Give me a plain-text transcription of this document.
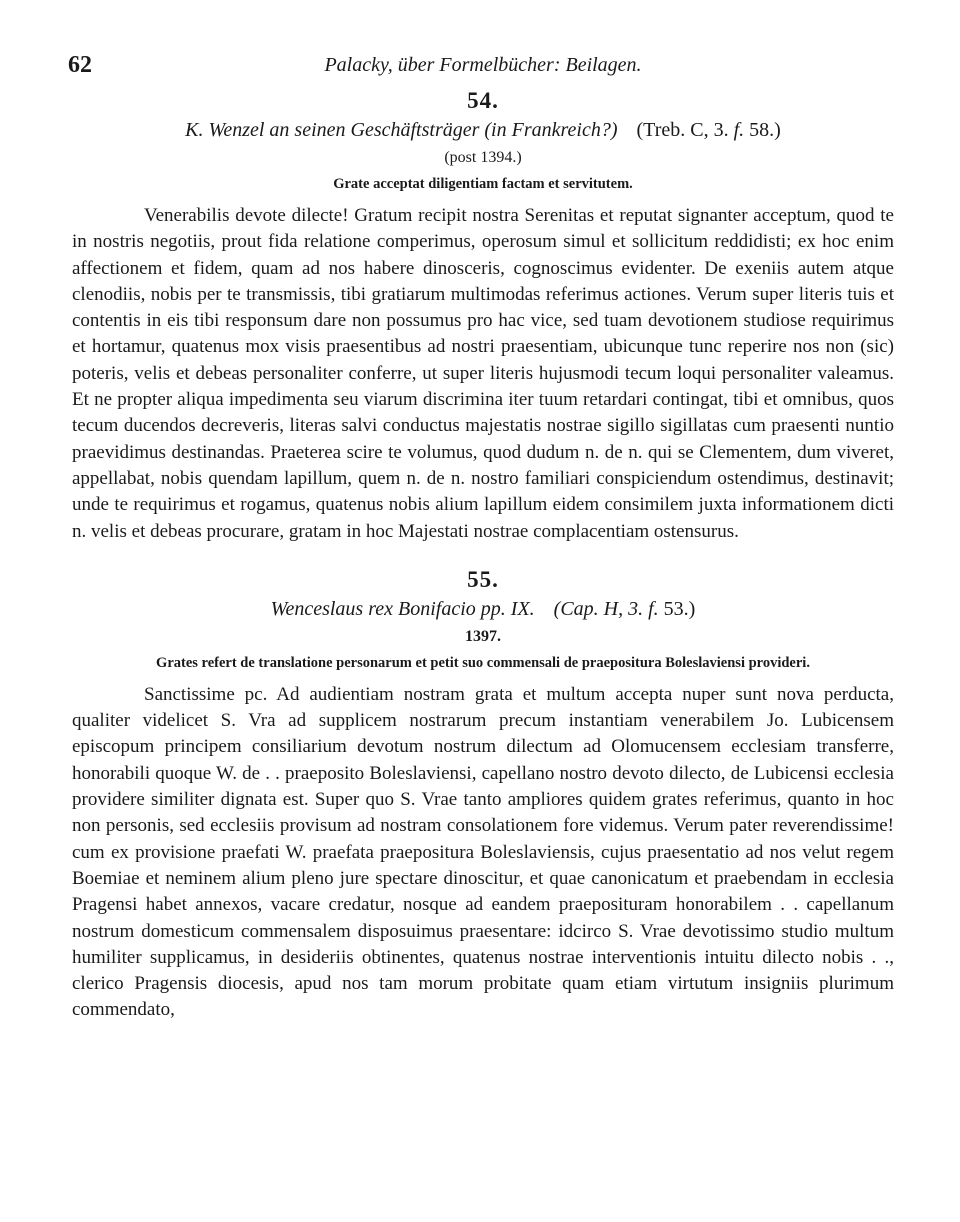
62	Palacky, über Formelbücher: Beilagen.
54.
K. Wenzel an seinen Geschäftsträger (in Frankreich?) (Treb. C, 3. f. 58.)
(post 1394.)
Grate acceptat diligentiam factam et servitutem.

Venerabilis devote dilecte! Gratum recipit nostra Serenitas et reputat signanter acceptum, quod te in nostris negotiis, prout fida relatione comperimus, operosum simul et sollicitum reddidisti; ex hoc enim affectionem et fidem, quam ad nos habere dinosceris, cognoscimus evidenter. De exeniis autem atque clenodiis, nobis per te transmissis, tibi gratiarum multimodas referimus actiones. Verum super literis tuis et contentis in eis tibi responsum dare non possumus pro hac vice, sed tuam devotionem studiose requirimus et hortamur, quatenus mox visis praesentibus ad nostri praesentiam, ubicunque tunc reperire nos non (sic) poteris, velis et debeas personaliter conferre, ut super literis hujusmodi tecum loqui personaliter valeamus. Et ne propter aliqua impedimenta seu viarum discrimina iter tuum retardari contingat, tibi et omnibus, quos tecum ducendos decreveris, literas salvi conductus majestatis nostrae sigillo sigillatas cum praesenti nuntio praevidimus destinandas. Praeterea scire te volumus, quod dudum n. de n. qui se Clementem, dum viveret, appellabat, nobis quendam lapillum, quem n. de n. nostro familiari conspiciendum ostendimus, destinavit; unde te requirimus et rogamus, quatenus nobis alium lapillum eidem consimilem juxta informationem dicti n. velis et debeas procurare, gratam in hoc Majestati nostrae complacentiam ostensurus.

55.
Wenceslaus rex Bonifacio pp. IX. (Cap. H, 3. f. 53.)
1397.
Grates refert de translatione personarum et petit suo commensali de praepositura Boleslaviensi provideri.

Sanctissime pc. Ad audientiam nostram grata et multum accepta nuper sunt nova perducta, qualiter videlicet S. Vra ad supplicem nostrarum precum instantiam venerabilem Jo. Lubicensem episcopum principem consiliarium devotum nostrum dilectum ad Olomucensem ecclesiam transferre, honorabili quoque W. de . . praeposito Boleslaviensi, capellano nostro devoto dilecto, de Lubicensi ecclesia providere similiter dignata est. Super quo S. Vrae tanto ampliores quidem grates referimus, quanto in hoc non personis, sed ecclesiis provisum ad nostram consolationem fore videmus. Verum pater reverendissime! cum ex provisione praefati W. praefata praepositura Boleslaviensis, cujus praesentatio ad nos velut regem Boemiae et neminem alium pleno jure spectare dinoscitur, et quae canonicatum et praebendam in ecclesia Pragensi habet annexos, vacare credatur, nosque ad eandem praeposituram honorabilem . . capellanum nostrum domesticum commensalem disposuimus praesentare: idcirco S. Vrae devotissimo studio multum humiliter supplicamus, in desideriis obtinentes, quatenus nostrae interventionis intuitu dilecto nobis . ., clerico Pragensis diocesis, apud nos tam morum probitate quam etiam virtutum insigniis plurimum commendato,
